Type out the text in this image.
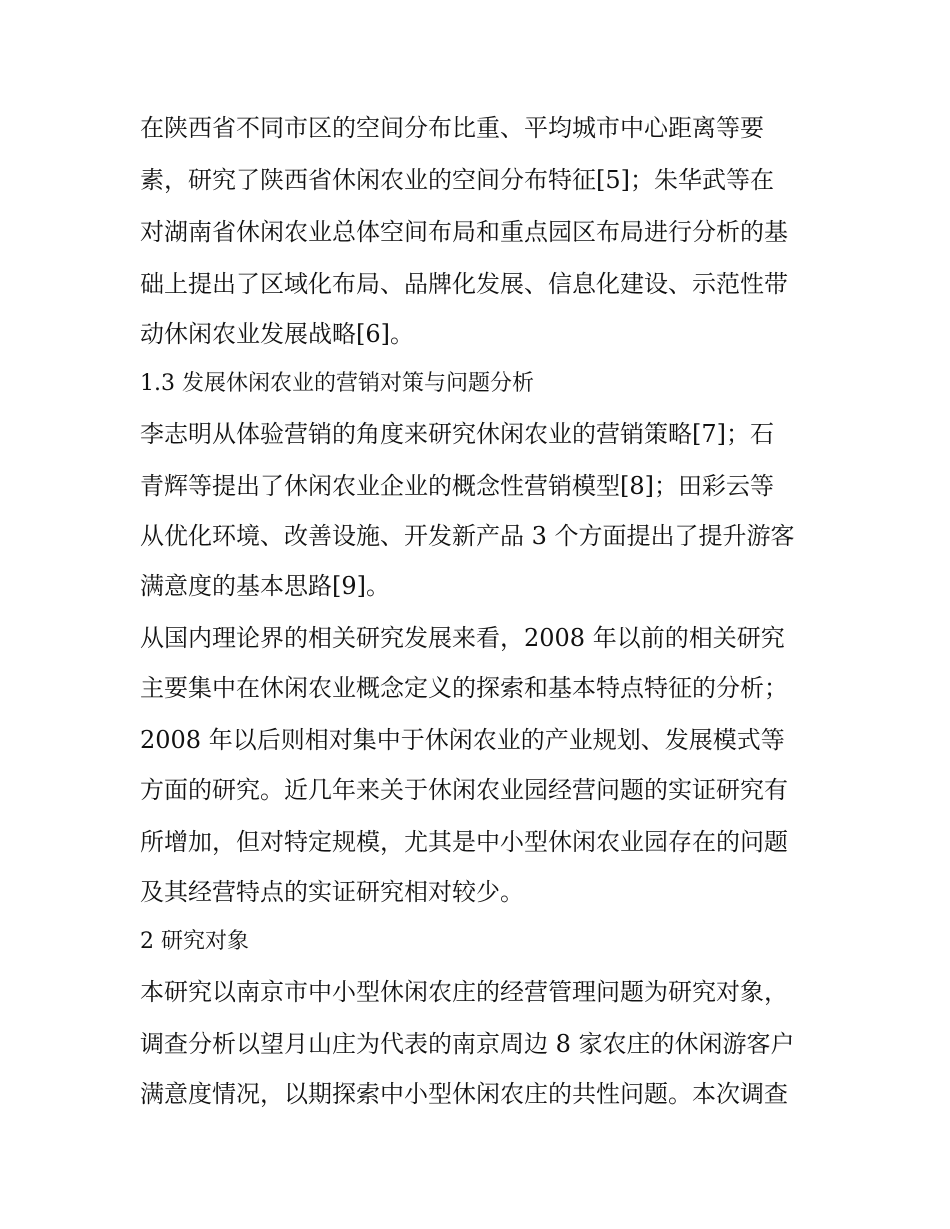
在陕西省不同市区的空间分布比重、平均城市中心距离等要
素，研究了陕西省休闲农业的空间分布特征[5]；朱华武等在
对湖南省休闲农业总体空间布局和重点园区布局进行分析的基
础上提出了区域化布局、品牌化发展、信息化建设、示范性带
动休闲农业发展战略[6]。
1.3 发展休闲农业的营销对策与问题分析
李志明从体验营销的角度来研究休闲农业的营销策略[7]；石
青辉等提出了休闲农业企业的概念性营销模型[8]；田彩云等
从优化环境、改善设施、开发新产品 3 个方面提出了提升游客
满意度的基本思路[9]。
从国内理论界的相关研究发展来看，2008 年以前的相关研究
主要集中在休闲农业概念定义的探索和基本特点特征的分析；
2008 年以后则相对集中于休闲农业的产业规划、发展模式等
方面的研究。近几年来关于休闲农业园经营问题的实证研究有
所增加，但对特定规模，尤其是中小型休闲农业园存在的问题
及其经营特点的实证研究相对较少。
2 研究对象
本研究以南京市中小型休闲农庄的经营管理问题为研究对象，
调查分析以望月山庄为代表的南京周边 8 家农庄的休闲游客户
满意度情况，以期探索中小型休闲农庄的共性问题。本次调查
